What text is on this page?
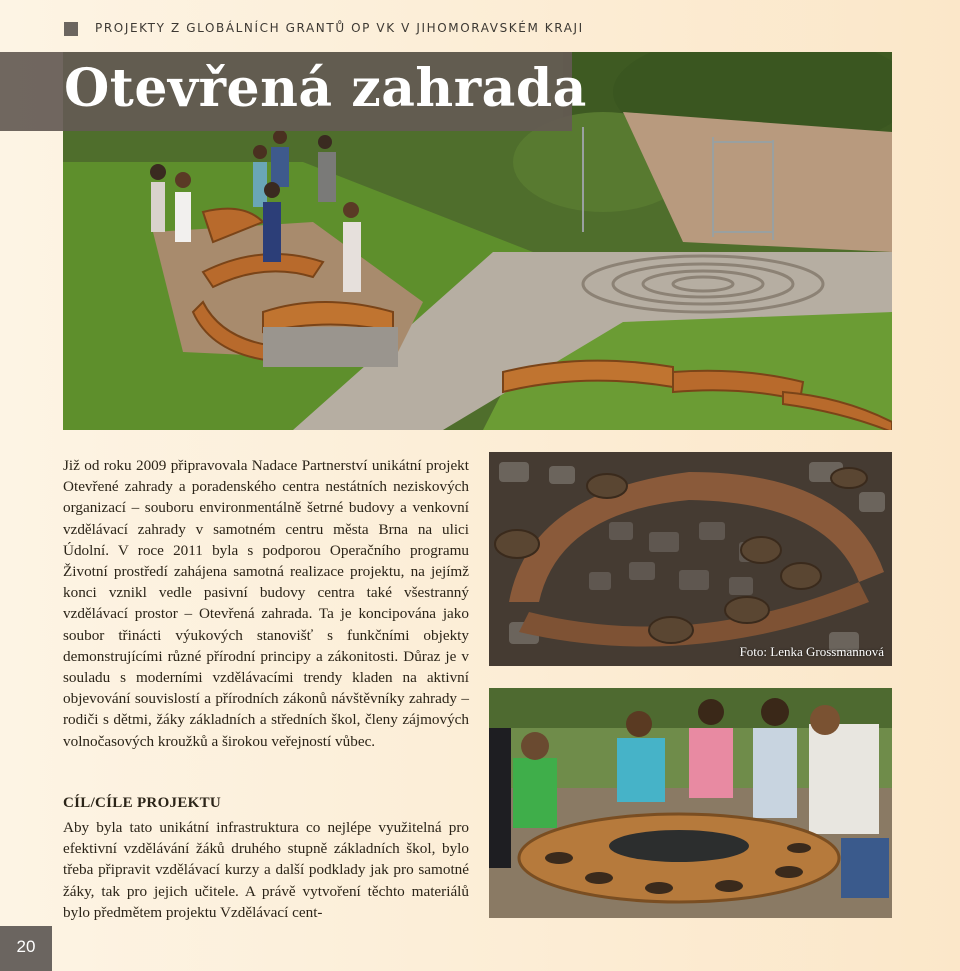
PROJEKTY Z GLOBÁLNÍCH GRANTŮ OP VK V JIHOMORAVSKÉM KRAJI
Otevřená zahrada

Již od roku 2009 připravovala Nadace Partnerství unikátní projekt Otevřené zahrady a poradenského centra nestátních neziskových organizací – souboru environmentálně šetrné budovy a venkovní vzdělávací zahrady v samotném centru města Brna na ulici Údolní. V roce 2011 byla s podporou Operačního programu Životní prostředí zahájena samotná realizace projektu, na jejímž konci vznikl vedle pasivní budovy centra také všestranný vzdělávací prostor – Otevřená zahrada. Ta je koncipována jako soubor třinácti výukových stanovišť s funkčními objekty demonstrujícími různé přírodní principy a zákonitosti. Důraz je v souladu s moderními vzdělávacími trendy kladen na aktivní objevování souvislostí a přírodních zákonů návštěvníky zahrady – rodiči s dětmi, žáky základních a středních škol, členy zájmových volnočasových kroužků a širokou veřejností vůbec.

CÍL/CÍLE PROJEKTU

Aby byla tato unikátní infrastruktura co nejlépe využitelná pro efektivní vzdělávání žáků druhého stupně základních škol, bylo třeba připravit vzdělávací kurzy a další podklady jak pro samotné žáky, tak pro jejich učitele. A právě vytvoření těchto materiálů bylo předmětem projektu Vzdělávací cent-

Foto: Lenka Grossmannová
20
